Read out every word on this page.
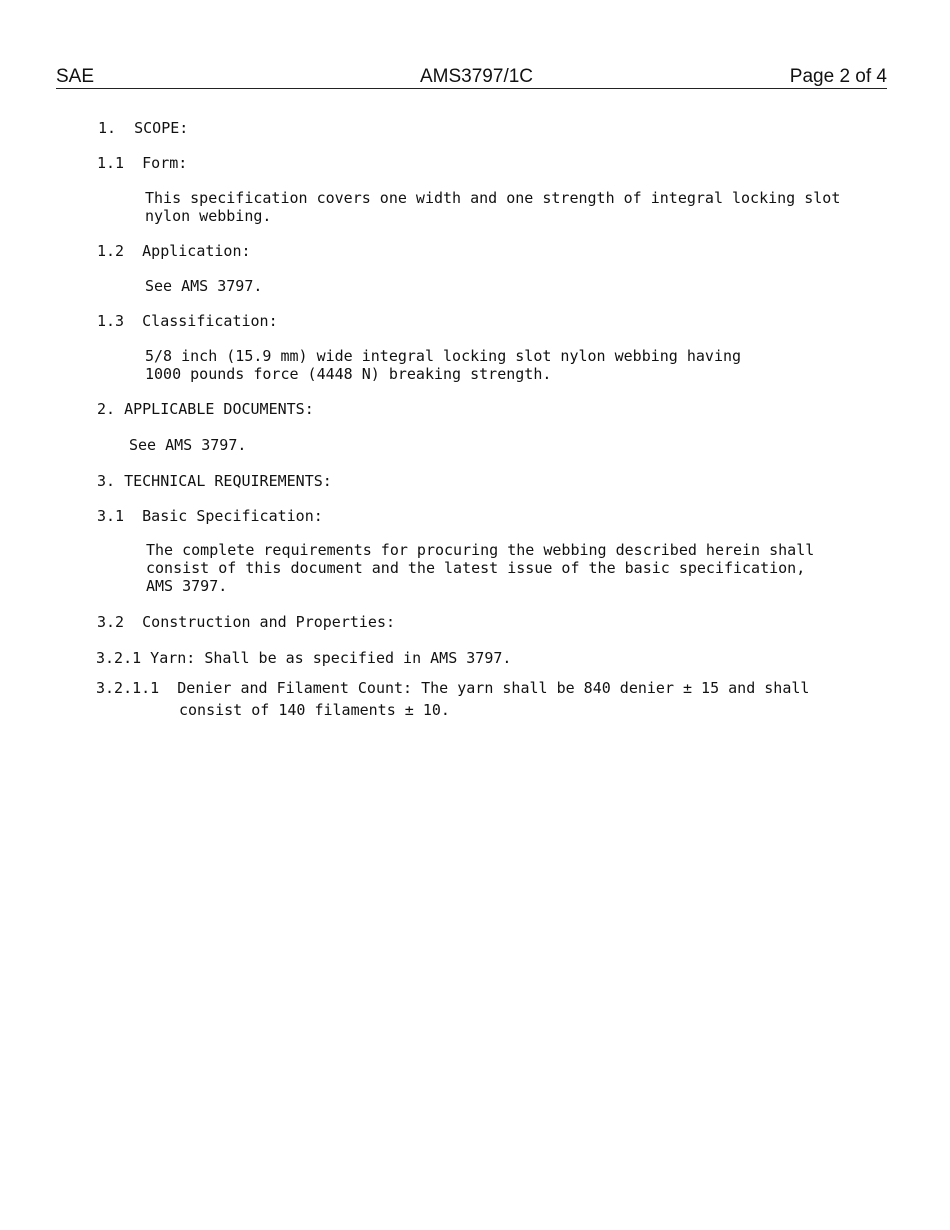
SAE	AMS3797/1C	Page 2 of 4

1.  SCOPE:

1.1  Form:

This specification covers one width and one strength of integral locking slot

nylon webbing.

1.2  Application:

See AMS 3797.

1.3  Classification:

5/8 inch (15.9 mm) wide integral locking slot nylon webbing having

1000 pounds force (4448 N) breaking strength.

2. APPLICABLE DOCUMENTS:

See AMS 3797.

3. TECHNICAL REQUIREMENTS:

3.1  Basic Specification:

The complete requirements for procuring the webbing described herein shall

consist of this document and the latest issue of the basic specification,

AMS 3797.

3.2  Construction and Properties:

3.2.1 Yarn: Shall be as specified in AMS 3797.

3.2.1.1  Denier and Filament Count: The yarn shall be 840 denier ± 15 and shall

consist of 140 filaments ± 10.
